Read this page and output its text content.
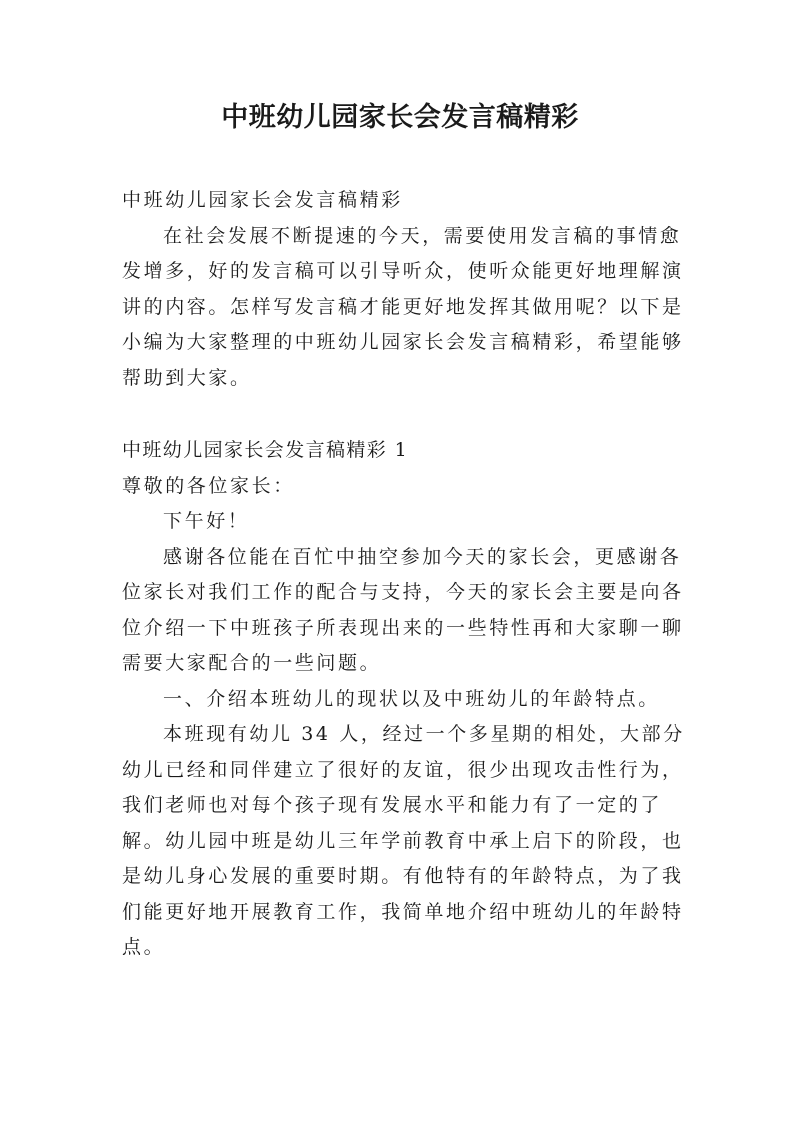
中班幼儿园家长会发言稿精彩

中班幼儿园家长会发言稿精彩

在社会发展不断提速的今天，需要使用发言稿的事情愈发增多，好的发言稿可以引导听众，使听众能更好地理解演讲的内容。怎样写发言稿才能更好地发挥其做用呢？以下是小编为大家整理的中班幼儿园家长会发言稿精彩，希望能够帮助到大家。

中班幼儿园家长会发言稿精彩 1

尊敬的各位家长：

下午好！

感谢各位能在百忙中抽空参加今天的家长会，更感谢各位家长对我们工作的配合与支持，今天的家长会主要是向各位介绍一下中班孩子所表现出来的一些特性再和大家聊一聊需要大家配合的一些问题。

一、介绍本班幼儿的现状以及中班幼儿的年龄特点。

本班现有幼儿 34 人，经过一个多星期的相处，大部分幼儿已经和同伴建立了很好的友谊，很少出现攻击性行为，我们老师也对每个孩子现有发展水平和能力有了一定的了解。幼儿园中班是幼儿三年学前教育中承上启下的阶段，也是幼儿身心发展的重要时期。有他特有的年龄特点，为了我们能更好地开展教育工作，我简单地介绍中班幼儿的年龄特点。
